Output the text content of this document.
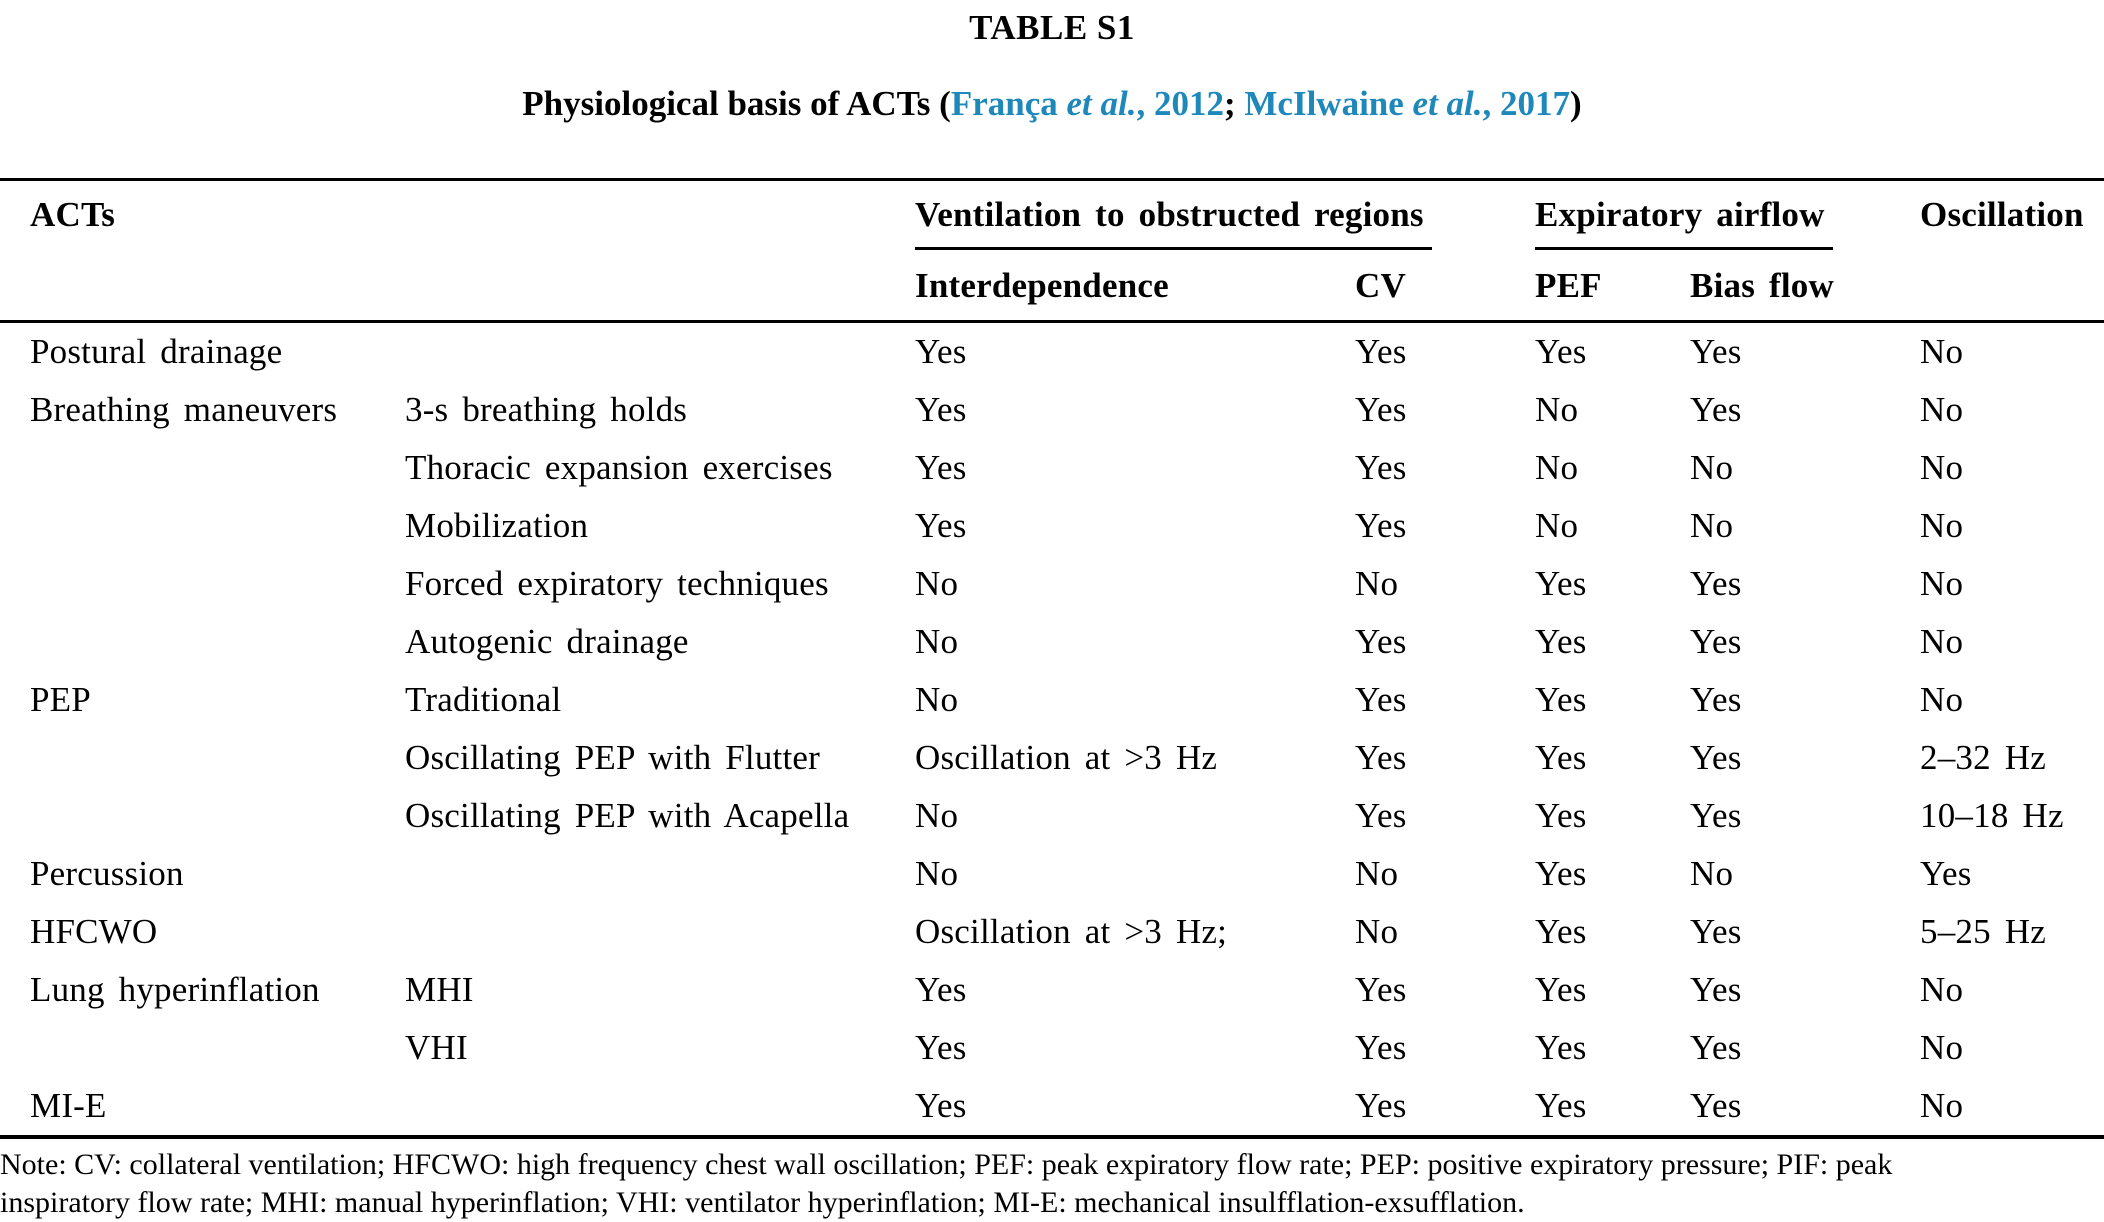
TABLE S1
Physiological basis of ACTs (França et al., 2012; McIlwaine et al., 2017)
ACTs		Ventilation to obstructed regions		Expiratory airflow		Oscillation
		Interdependence	CV	PEF	Bias flow	
Postural drainage		Yes	Yes	Yes	Yes	No
Breathing maneuvers	3-s breathing holds	Yes	Yes	No	Yes	No
	Thoracic expansion exercises	Yes	Yes	No	No	No
	Mobilization	Yes	Yes	No	No	No
	Forced expiratory techniques	No	No	Yes	Yes	No
	Autogenic drainage	No	Yes	Yes	Yes	No
PEP	Traditional	No	Yes	Yes	Yes	No
	Oscillating PEP with Flutter	Oscillation at >3 Hz	Yes	Yes	Yes	2–32 Hz
	Oscillating PEP with Acapella	No	Yes	Yes	Yes	10–18 Hz
Percussion		No	No	Yes	No	Yes
HFCWO		Oscillation at >3 Hz;	No	Yes	Yes	5–25 Hz
Lung hyperinflation	MHI	Yes	Yes	Yes	Yes	No
	VHI	Yes	Yes	Yes	Yes	No
MI-E		Yes	Yes	Yes	Yes	No
Note: CV: collateral ventilation; HFCWO: high frequency chest wall oscillation; PEF: peak expiratory flow rate; PEP: positive expiratory pressure; PIF: peak
inspiratory flow rate; MHI: manual hyperinflation; VHI: ventilator hyperinflation; MI-E: mechanical insulfflation-exsufflation.
